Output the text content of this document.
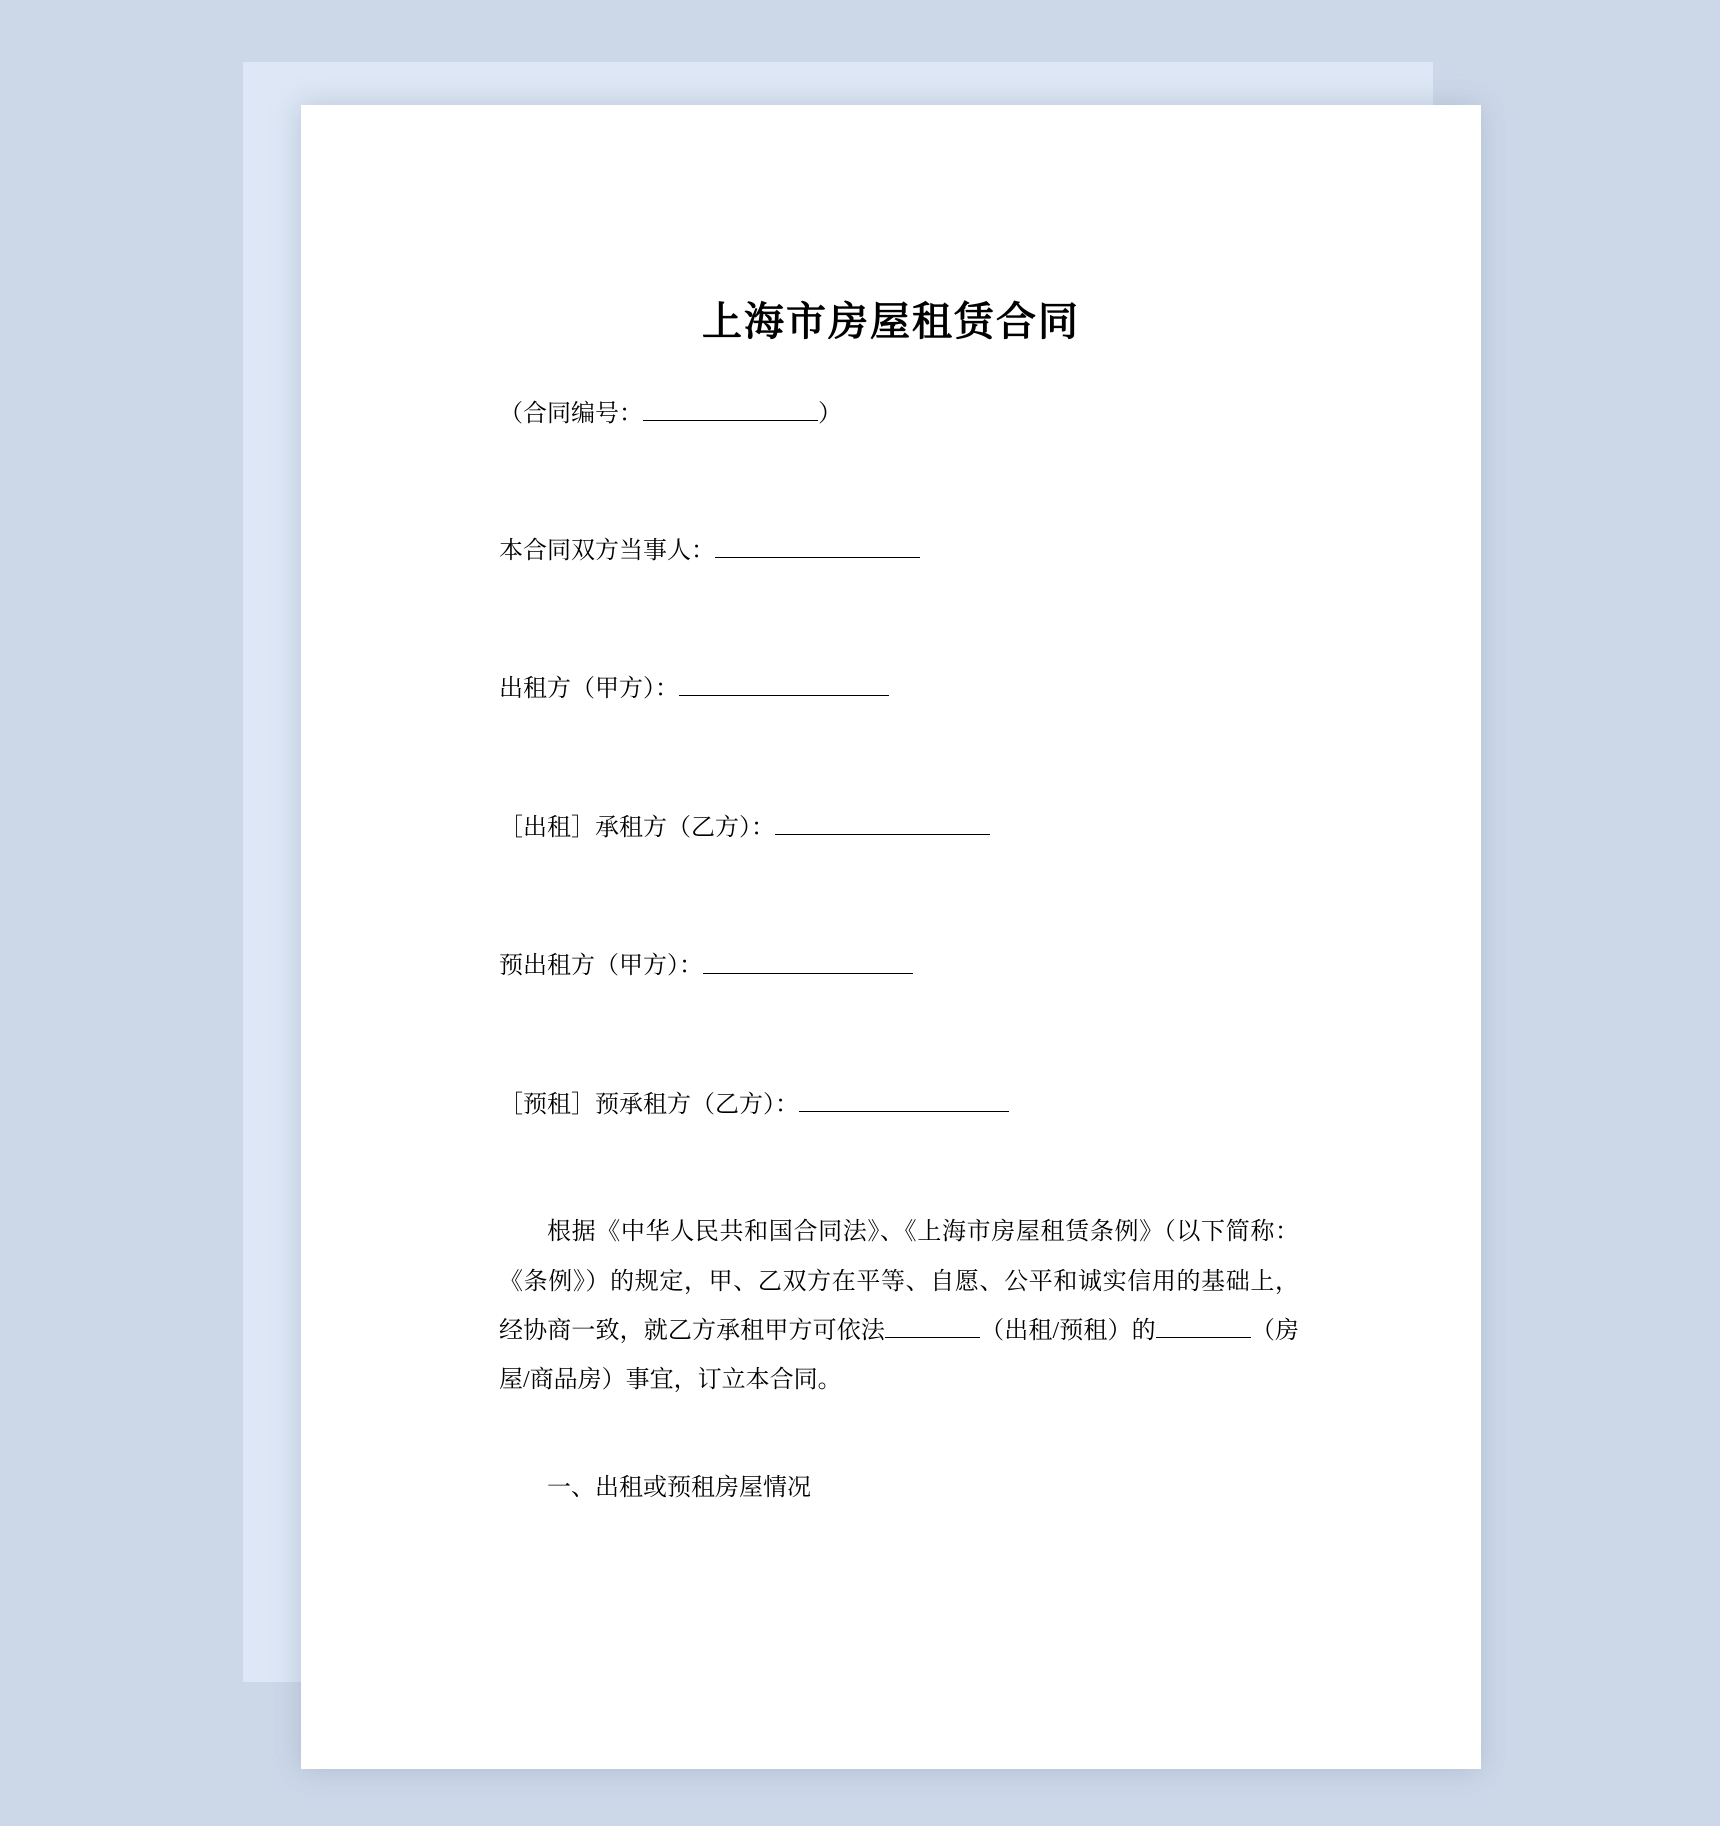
上海市房屋租赁合同
（合同编号：	）
本合同双方当事人：
出租方（甲方）：
［出租］承租方（乙方）：
预出租方（甲方）：
［预租］预承租方（乙方）：
根据《中华人民共和国合同法》、《上海市房屋租赁条例》（以下简称：《条例》）的规定，甲、乙双方在平等、自愿、公平和诚实信用的基础上，经协商一致，就乙方承租甲方可依法	（出租/预租）的	（房屋/商品房）事宜，订立本合同。
一、出租或预租房屋情况
